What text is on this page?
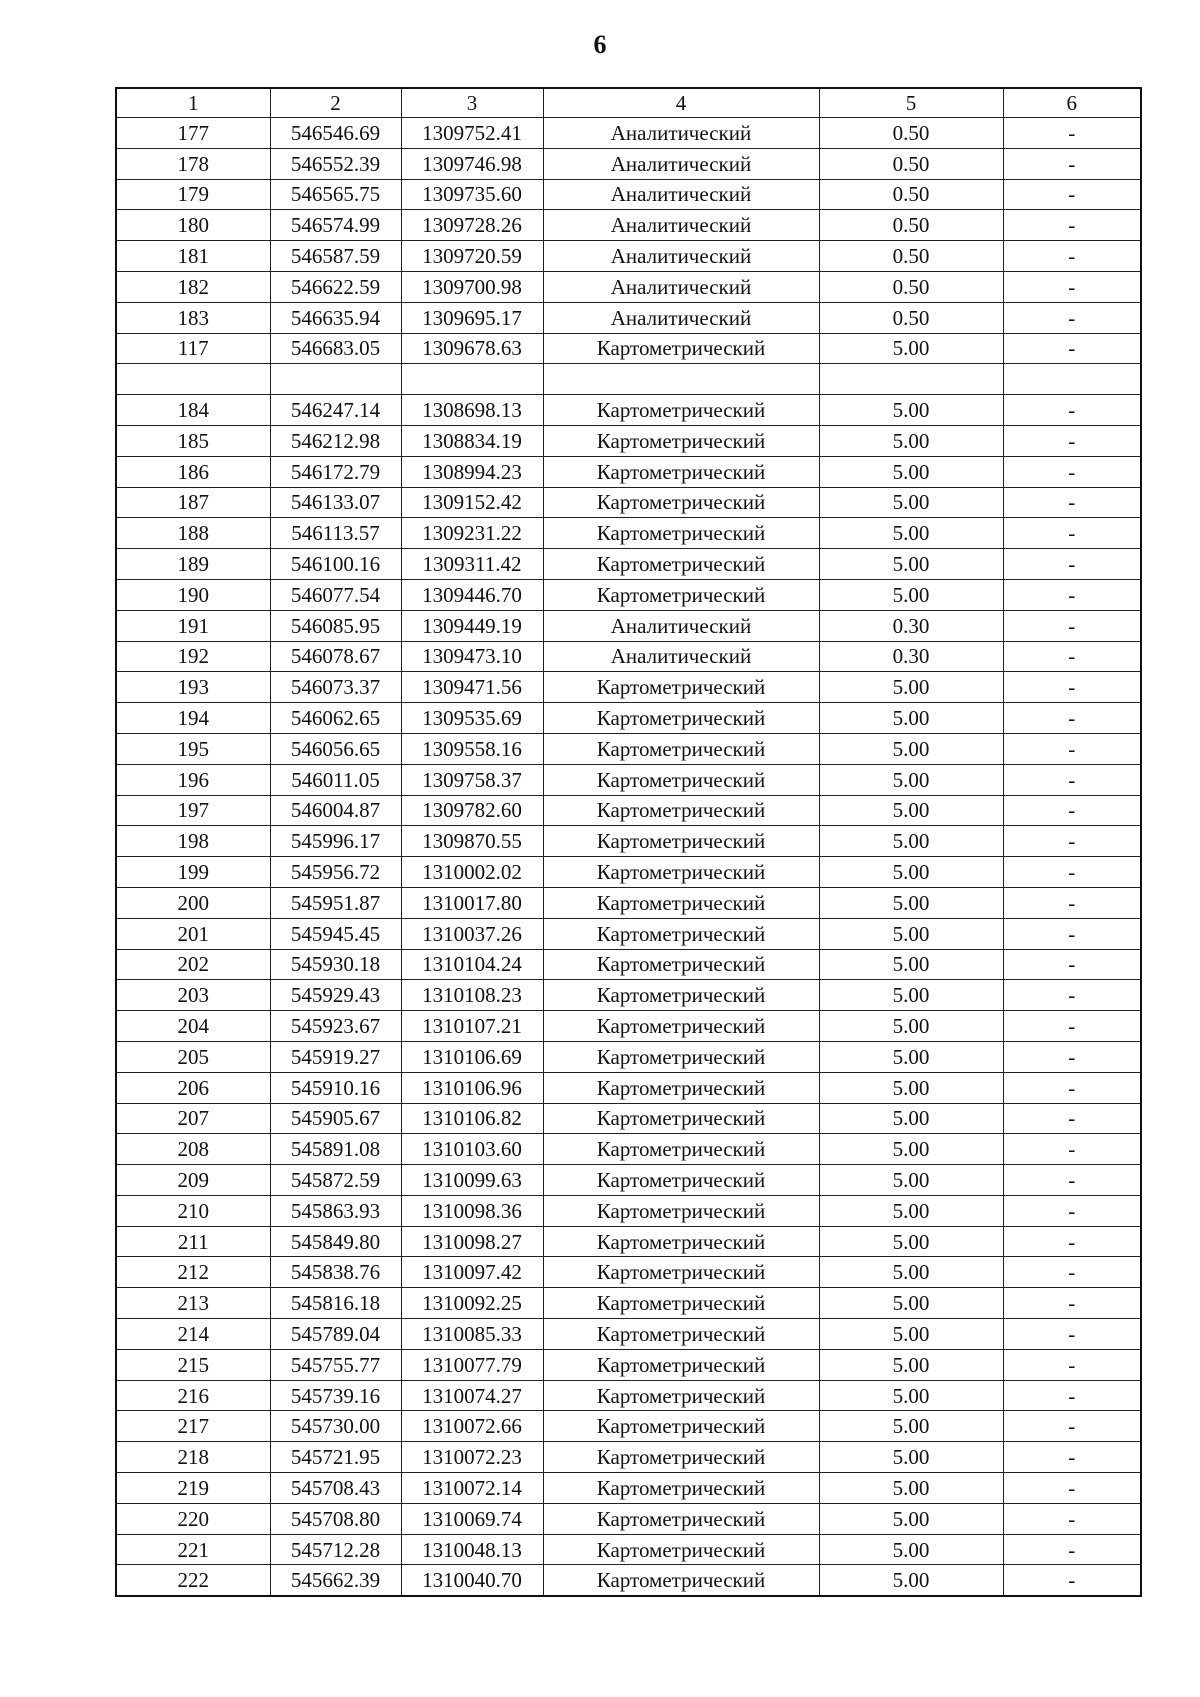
6
1	2	3	4	5	6
177	546546.69	1309752.41	Аналитический	0.50	-
178	546552.39	1309746.98	Аналитический	0.50	-
179	546565.75	1309735.60	Аналитический	0.50	-
180	546574.99	1309728.26	Аналитический	0.50	-
181	546587.59	1309720.59	Аналитический	0.50	-
182	546622.59	1309700.98	Аналитический	0.50	-
183	546635.94	1309695.17	Аналитический	0.50	-
117	546683.05	1309678.63	Картометрический	5.00	-

184	546247.14	1308698.13	Картометрический	5.00	-
185	546212.98	1308834.19	Картометрический	5.00	-
186	546172.79	1308994.23	Картометрический	5.00	-
187	546133.07	1309152.42	Картометрический	5.00	-
188	546113.57	1309231.22	Картометрический	5.00	-
189	546100.16	1309311.42	Картометрический	5.00	-
190	546077.54	1309446.70	Картометрический	5.00	-
191	546085.95	1309449.19	Аналитический	0.30	-
192	546078.67	1309473.10	Аналитический	0.30	-
193	546073.37	1309471.56	Картометрический	5.00	-
194	546062.65	1309535.69	Картометрический	5.00	-
195	546056.65	1309558.16	Картометрический	5.00	-
196	546011.05	1309758.37	Картометрический	5.00	-
197	546004.87	1309782.60	Картометрический	5.00	-
198	545996.17	1309870.55	Картометрический	5.00	-
199	545956.72	1310002.02	Картометрический	5.00	-
200	545951.87	1310017.80	Картометрический	5.00	-
201	545945.45	1310037.26	Картометрический	5.00	-
202	545930.18	1310104.24	Картометрический	5.00	-
203	545929.43	1310108.23	Картометрический	5.00	-
204	545923.67	1310107.21	Картометрический	5.00	-
205	545919.27	1310106.69	Картометрический	5.00	-
206	545910.16	1310106.96	Картометрический	5.00	-
207	545905.67	1310106.82	Картометрический	5.00	-
208	545891.08	1310103.60	Картометрический	5.00	-
209	545872.59	1310099.63	Картометрический	5.00	-
210	545863.93	1310098.36	Картометрический	5.00	-
211	545849.80	1310098.27	Картометрический	5.00	-
212	545838.76	1310097.42	Картометрический	5.00	-
213	545816.18	1310092.25	Картометрический	5.00	-
214	545789.04	1310085.33	Картометрический	5.00	-
215	545755.77	1310077.79	Картометрический	5.00	-
216	545739.16	1310074.27	Картометрический	5.00	-
217	545730.00	1310072.66	Картометрический	5.00	-
218	545721.95	1310072.23	Картометрический	5.00	-
219	545708.43	1310072.14	Картометрический	5.00	-
220	545708.80	1310069.74	Картометрический	5.00	-
221	545712.28	1310048.13	Картометрический	5.00	-
222	545662.39	1310040.70	Картометрический	5.00	-
